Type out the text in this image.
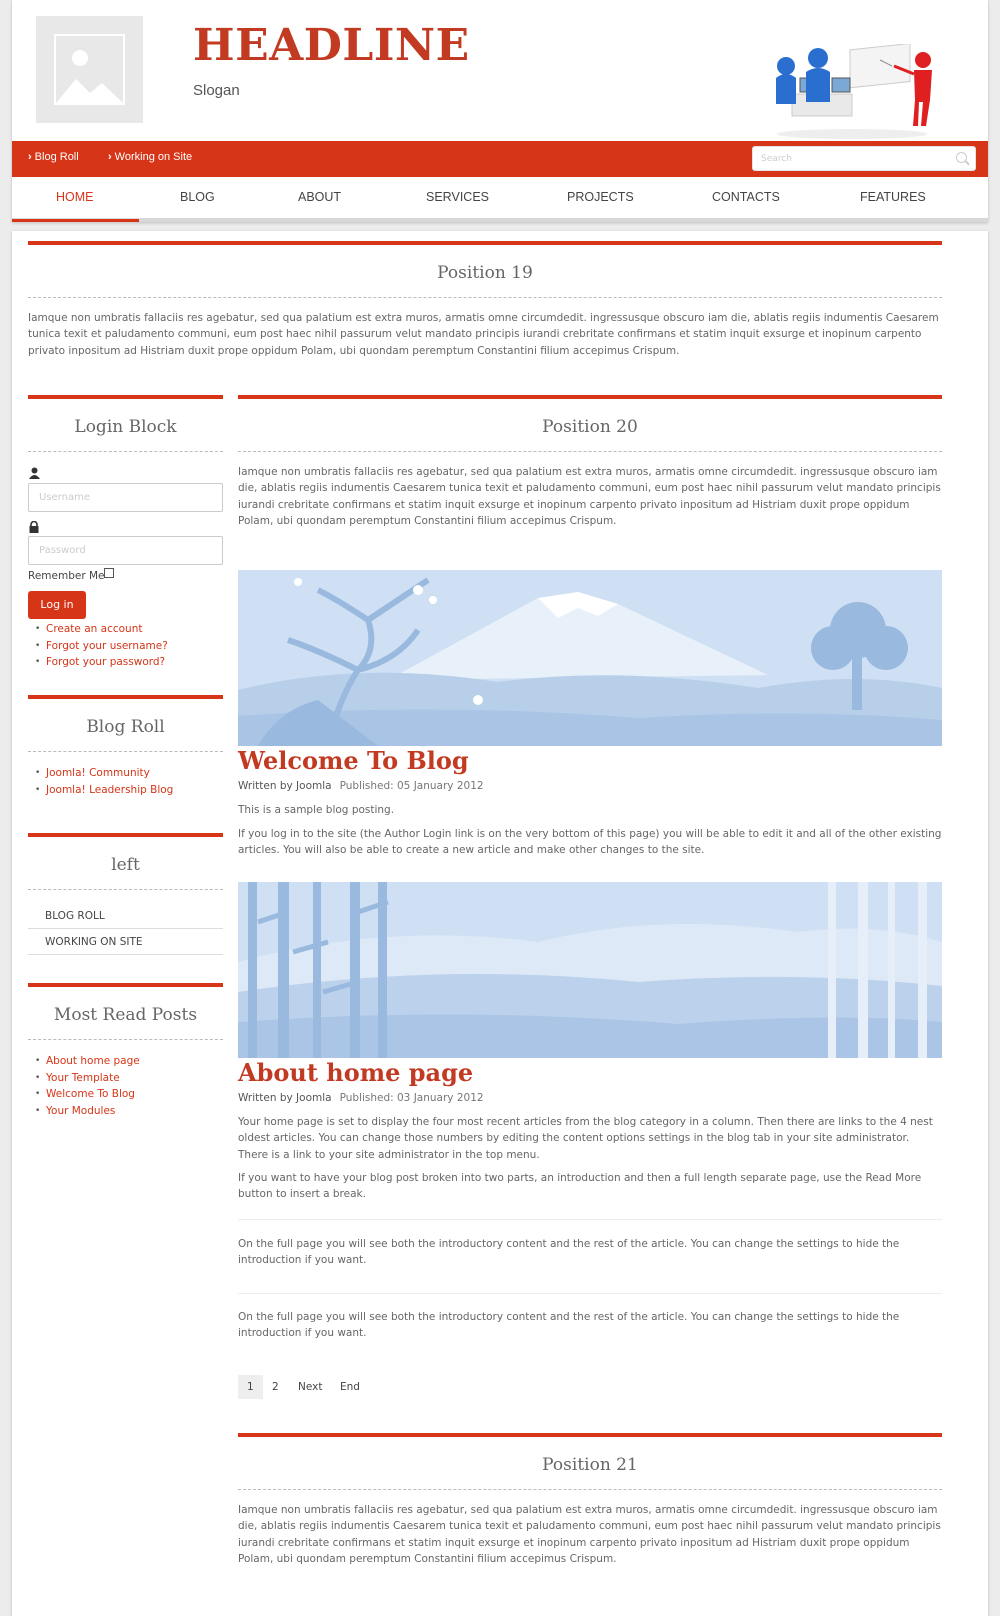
HEADLINE
Slogan
› Blog Roll	› Working on Site	Search
HOME	BLOG	ABOUT	SERVICES	PROJECTS	CONTACTS	FEATURES
Position 19
Iamque non umbratis fallaciis res agebatur, sed qua palatium est extra muros, armatis omne circumdedit. ingressusque obscuro iam die, ablatis regiis indumentis Caesarem tunica texit et paludamento communi, eum post haec nihil passurum velut mandato principis iurandi crebritate confirmans et statim inquit exsurge et inopinum carpento privato inpositum ad Histriam duxit prope oppidum Polam, ubi quondam peremptum Constantini filium accepimus Crispum.
Login Block
Username
Password
Remember Me
Log in
• Create an account
• Forgot your username?
• Forgot your password?
Blog Roll
• Joomla! Community
• Joomla! Leadership Blog
left
BLOG ROLL
WORKING ON SITE
Most Read Posts
• About home page
• Your Template
• Welcome To Blog
• Your Modules
Position 20
Iamque non umbratis fallaciis res agebatur, sed qua palatium est extra muros, armatis omne circumdedit. ingressusque obscuro iam die, ablatis regiis indumentis Caesarem tunica texit et paludamento communi, eum post haec nihil passurum velut mandato principis iurandi crebritate confirmans et statim inquit exsurge et inopinum carpento privato inpositum ad Histriam duxit prope oppidum Polam, ubi quondam peremptum Constantini filium accepimus Crispum.
Welcome To Blog
Written by Joomla Published: 05 January 2012
This is a sample blog posting.
If you log in to the site (the Author Login link is on the very bottom of this page) you will be able to edit it and all of the other existing articles. You will also be able to create a new article and make other changes to the site.
About home page
Written by Joomla Published: 03 January 2012
Your home page is set to display the four most recent articles from the blog category in a column. Then there are links to the 4 nest oldest articles. You can change those numbers by editing the content options settings in the blog tab in your site administrator. There is a link to your site administrator in the top menu.
If you want to have your blog post broken into two parts, an introduction and then a full length separate page, use the Read More button to insert a break.
On the full page you will see both the introductory content and the rest of the article. You can change the settings to hide the introduction if you want.
On the full page you will see both the introductory content and the rest of the article. You can change the settings to hide the introduction if you want.
1	2 Next End
Position 21
Iamque non umbratis fallaciis res agebatur, sed qua palatium est extra muros, armatis omne circumdedit. ingressusque obscuro iam die, ablatis regiis indumentis Caesarem tunica texit et paludamento communi, eum post haec nihil passurum velut mandato principis iurandi crebritate confirmans et statim inquit exsurge et inopinum carpento privato inpositum ad Histriam duxit prope oppidum Polam, ubi quondam peremptum Constantini filium accepimus Crispum.
